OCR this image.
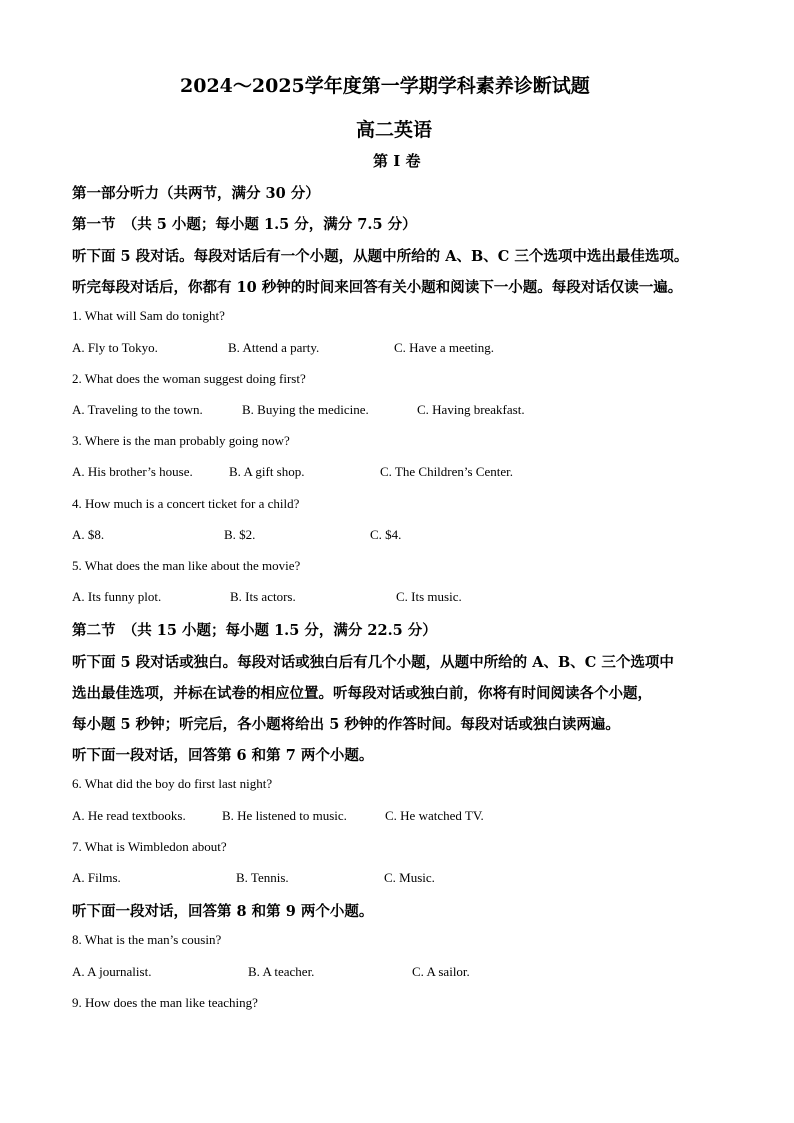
2024～2025学年度第一学期学科素养诊断试题
高二英语
第 I 卷
第一部分听力（共两节，满分 30 分）
第一节　（共 5 小题；每小题 1.5 分，满分 7.5 分）
听下面 5 段对话。每段对话后有一个小题，从题中所给的 A、B、C 三个选项中选出最佳选项。
听完每段对话后，你都有 10 秒钟的时间来回答有关小题和阅读下一小题。每段对话仅读一遍。
1. What will Sam do tonight?
A. Fly to Tokyo.	B. Attend a party.	C. Have a meeting.
2. What does the woman suggest doing first?
A. Traveling to the town.	B. Buying the medicine.	C. Having breakfast.
3. Where is the man probably going now?
A. His brother’s house.	B. A gift shop.	C. The Children’s Center.
4. How much is a concert ticket for a child?
A. $8.	B. $2.	C. $4.
5. What does the man like about the movie?
A. Its funny plot.	B. Its actors.	C. Its music.
第二节　（共 15 小题；每小题 1.5 分，满分 22.5 分）
听下面 5 段对话或独白。每段对话或独白后有几个小题，从题中所给的 A、B、C 三个选项中
选出最佳选项，并标在试卷的相应位置。听每段对话或独白前，你将有时间阅读各个小题，
每小题 5 秒钟；听完后，各小题将给出 5 秒钟的作答时间。每段对话或独白读两遍。
听下面一段对话，回答第 6 和第 7 两个小题。
6. What did the boy do first last night?
A. He read textbooks.	B. He listened to music.	C. He watched TV.
7. What is Wimbledon about?
A. Films.	B. Tennis.	C. Music.
听下面一段对话，回答第 8 和第 9 两个小题。
8. What is the man’s cousin?
A. A journalist.	B. A teacher.	C. A sailor.
9. How does the man like teaching?
